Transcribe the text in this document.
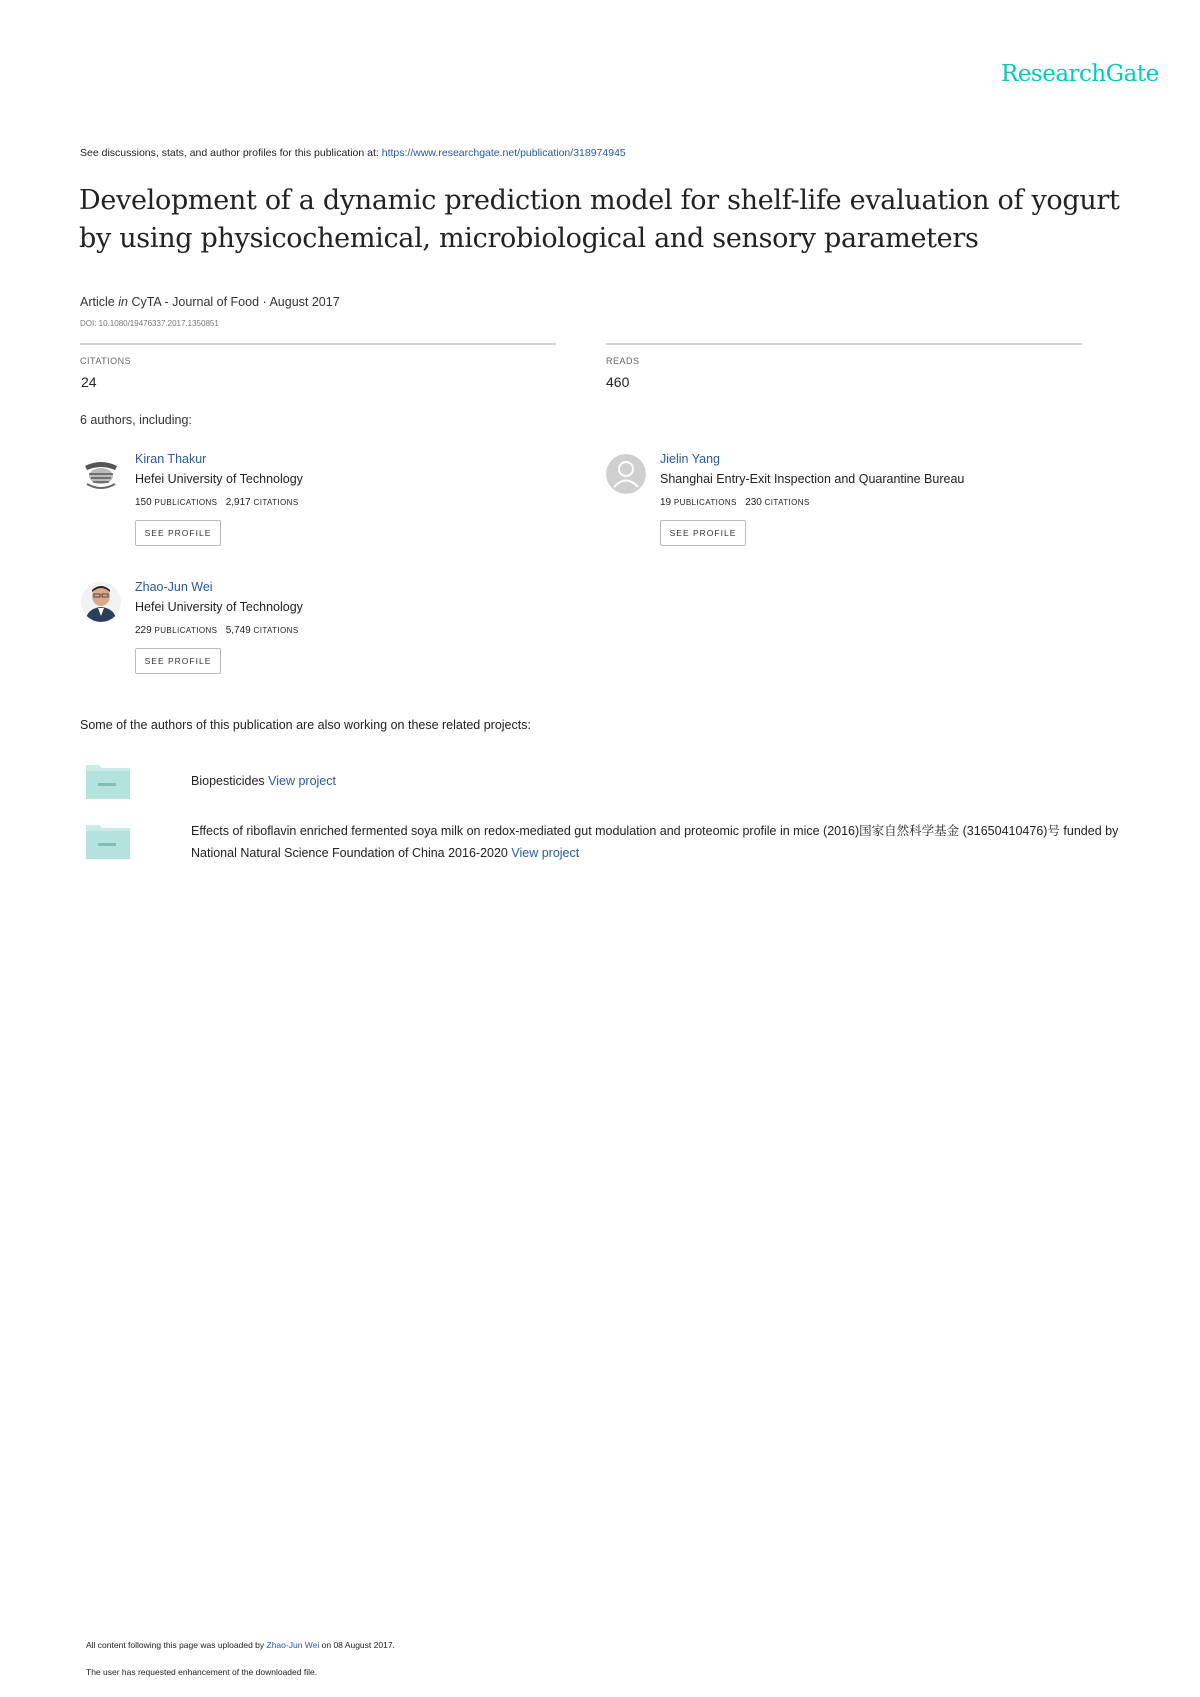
ResearchGate
See discussions, stats, and author profiles for this publication at: https://www.researchgate.net/publication/318974945
Development of a dynamic prediction model for shelf-life evaluation of yogurt by using physicochemical, microbiological and sensory parameters
Article in CyTA - Journal of Food · August 2017
DOI: 10.1080/19476337.2017.1350851
CITATIONS
24
READS
460
6 authors, including:
Kiran Thakur
Hefei University of Technology
150 PUBLICATIONS 2,917 CITATIONS
SEE PROFILE
Jielin Yang
Shanghai Entry-Exit Inspection and Quarantine Bureau
19 PUBLICATIONS 230 CITATIONS
SEE PROFILE
Zhao-Jun Wei
Hefei University of Technology
229 PUBLICATIONS 5,749 CITATIONS
SEE PROFILE
Some of the authors of this publication are also working on these related projects:
Biopesticides View project
Effects of riboflavin enriched fermented soya milk on redox-mediated gut modulation and proteomic profile in mice (2016)国家自然科学基金 (31650410476)号 funded by National Natural Science Foundation of China 2016-2020 View project
All content following this page was uploaded by Zhao-Jun Wei on 08 August 2017.
The user has requested enhancement of the downloaded file.
